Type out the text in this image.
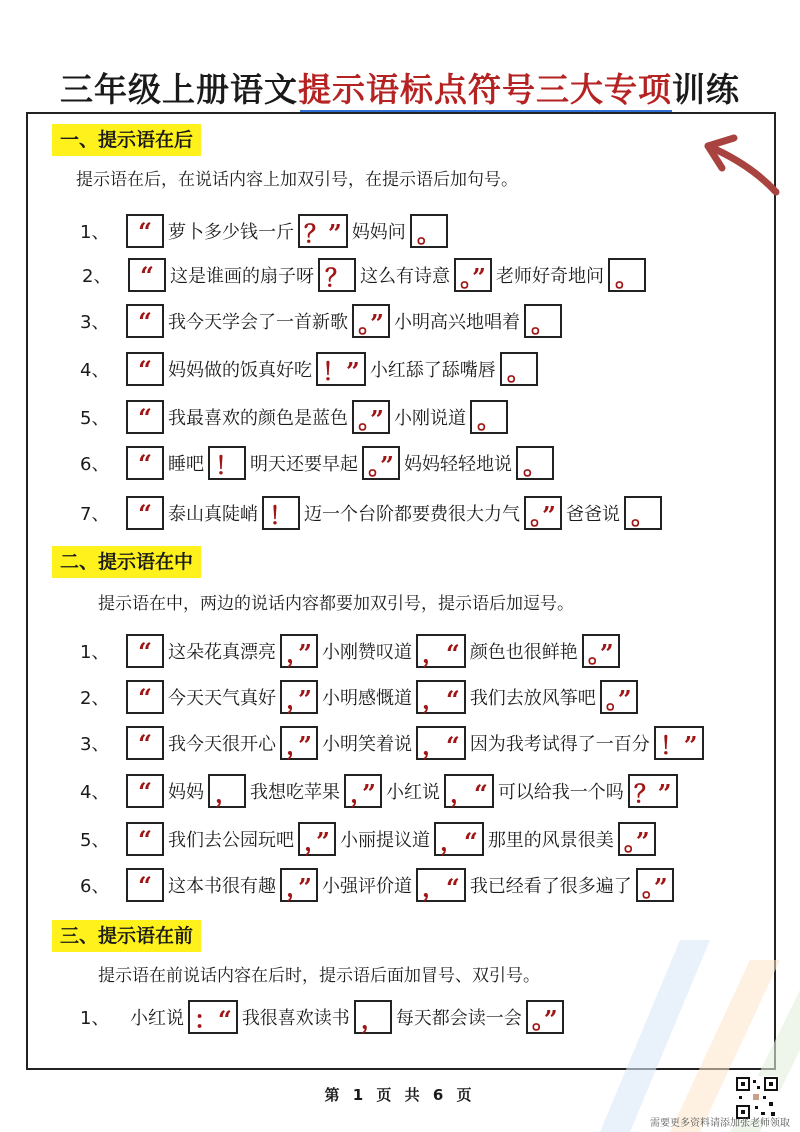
三年级上册语文提示语标点符号三大专项训练
一、提示语在后
提示语在后，在说话内容上加双引号，在提示语后加句号。
1、	“ 萝卜多少钱一斤 ？” 妈妈问 。
2、	“ 这是谁画的扇子呀 ？ 这么有诗意 。” 老师好奇地问 。
3、	“ 我今天学会了一首新歌 。” 小明高兴地唱着 。
4、	“ 妈妈做的饭真好吃 ！” 小红舔了舔嘴唇 。
5、	“ 我最喜欢的颜色是蓝色 。” 小刚说道 。
6、	“ 睡吧 ！ 明天还要早起 。” 妈妈轻轻地说 。
7、	“ 泰山真陡峭 ！ 迈一个台阶都要费很大力气 。” 爸爸说 。
二、提示语在中
提示语在中，两边的说话内容都要加双引号，提示语后加逗号。
1、	“ 这朵花真漂亮 ，” 小刚赞叹道 ，“ 颜色也很鲜艳 。”
2、	“ 今天天气真好 ，” 小明感慨道 ，“ 我们去放风筝吧 。”
3、	“ 我今天很开心 ，” 小明笑着说 ，“ 因为我考试得了一百分 ！”
4、	“ 妈妈 ， 我想吃苹果 ，” 小红说 ，“ 可以给我一个吗 ？”
5、	“ 我们去公园玩吧 ，” 小丽提议道 ，“ 那里的风景很美 。”
6、	“ 这本书很有趣 ，” 小强评价道 ，“ 我已经看了很多遍了 。”
三、提示语在前
提示语在前说话内容在后时，提示语后面加冒号、双引号。
1、	小红说 ：“ 我很喜欢读书 ， 每天都会读一会 。”
第 1 页 共 6 页
需要更多资料请添加张老师领取
